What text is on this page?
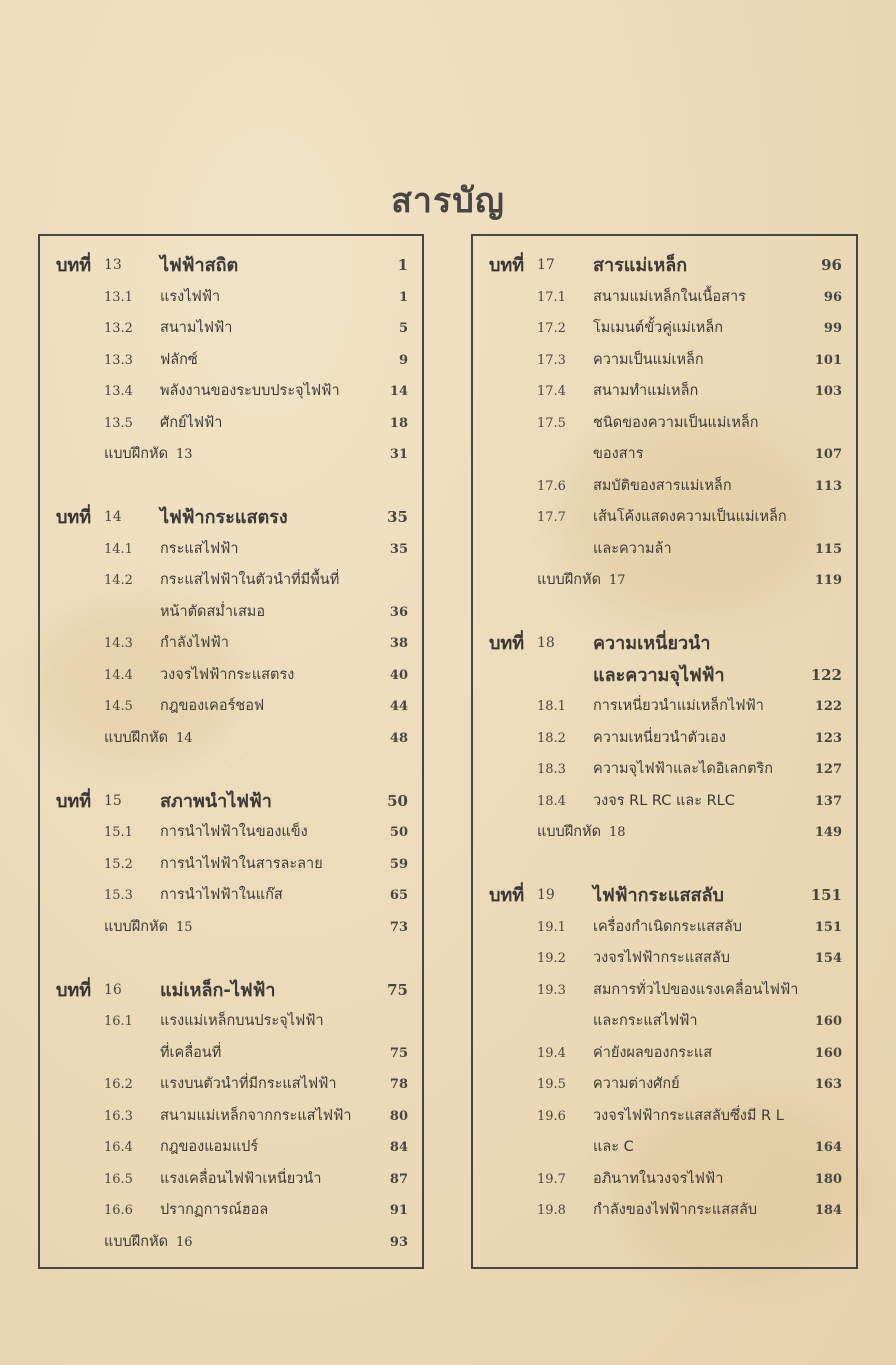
สารบัญ
บทที่ 13 ไฟฟ้าสถิต	1
13.1 แรงไฟฟ้า	1
13.2 สนามไฟฟ้า	5
13.3 ฟลักซ์	9
13.4 พลังงานของระบบประจุไฟฟ้า	14
13.5 ศักย์ไฟฟ้า	18
แบบฝึกหัด 13	31
บทที่ 14 ไฟฟ้ากระแสตรง	35
14.1 กระแสไฟฟ้า	35
14.2 กระแสไฟฟ้าในตัวนำที่มีพื้นที่
หน้าตัดสม่ำเสมอ	36
14.3 กำลังไฟฟ้า	38
14.4 วงจรไฟฟ้ากระแสตรง	40
14.5 กฎของเคอร์ชอฟ	44
แบบฝึกหัด 14	48
บทที่ 15 สภาพนำไฟฟ้า	50
15.1 การนำไฟฟ้าในของแข็ง	50
15.2 การนำไฟฟ้าในสารละลาย	59
15.3 การนำไฟฟ้าในแก๊ส	65
แบบฝึกหัด 15	73
บทที่ 16 แม่เหล็ก-ไฟฟ้า	75
16.1 แรงแม่เหล็กบนประจุไฟฟ้า
ที่เคลื่อนที่	75
16.2 แรงบนตัวนำที่มีกระแสไฟฟ้า	78
16.3 สนามแม่เหล็กจากกระแสไฟฟ้า	80
16.4 กฎของแอมแปร์	84
16.5 แรงเคลื่อนไฟฟ้าเหนี่ยวนำ	87
16.6 ปรากฏการณ์ฮอล	91
แบบฝึกหัด 16	93
บทที่ 17 สารแม่เหล็ก	96
17.1 สนามแม่เหล็กในเนื้อสาร	96
17.2 โมเมนต์ขั้วคู่แม่เหล็ก	99
17.3 ความเป็นแม่เหล็ก	101
17.4 สนามทำแม่เหล็ก	103
17.5 ชนิดของความเป็นแม่เหล็ก
ของสาร	107
17.6 สมบัติของสารแม่เหล็ก	113
17.7 เส้นโค้งแสดงความเป็นแม่เหล็ก
และความล้า	115
แบบฝึกหัด 17	119
บทที่ 18 ความเหนี่ยวนำ
และความจุไฟฟ้า	122
18.1 การเหนี่ยวนำแม่เหล็กไฟฟ้า	122
18.2 ความเหนี่ยวนำตัวเอง	123
18.3 ความจุไฟฟ้าและไดอิเลกตริก	127
18.4 วงจร RL RC และ RLC	137
แบบฝึกหัด 18	149
บทที่ 19 ไฟฟ้ากระแสสลับ	151
19.1 เครื่องกำเนิดกระแสสลับ	151
19.2 วงจรไฟฟ้ากระแสสลับ	154
19.3 สมการทั่วไปของแรงเคลื่อนไฟฟ้า
และกระแสไฟฟ้า	160
19.4 ค่ายังผลของกระแส	160
19.5 ความต่างศักย์	163
19.6 วงจรไฟฟ้ากระแสสลับซึ่งมี R L
และ C	164
19.7 อภินาทในวงจรไฟฟ้า	180
19.8 กำลังของไฟฟ้ากระแสสลับ	184
